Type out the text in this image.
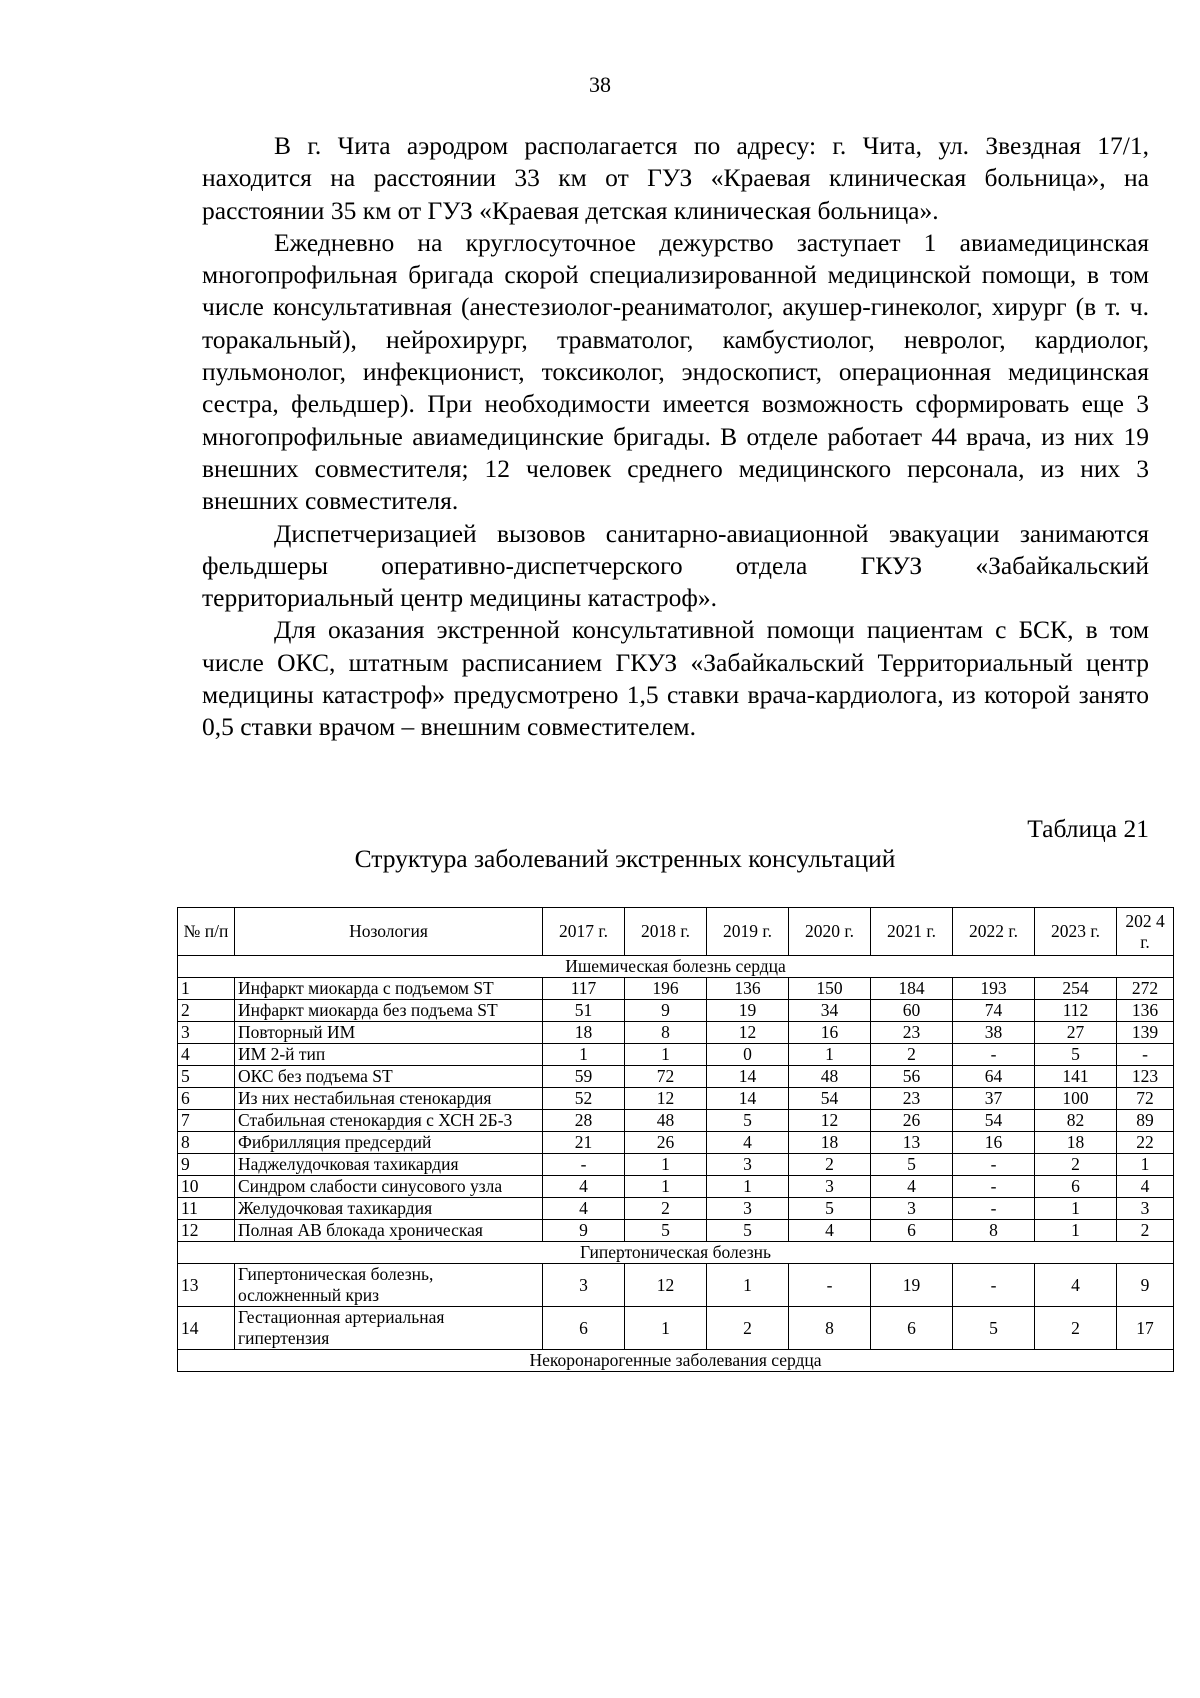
38

В г. Чита аэродром располагается по адресу: г. Чита, ул. Звездная 17/1, находится на расстоянии 33 км от ГУЗ «Краевая клиническая больница», на расстоянии 35 км от ГУЗ «Краевая детская клиническая больница».

Ежедневно на круглосуточное дежурство заступает 1 авиамедицинская многопрофильная бригада скорой специализированной медицинской помощи, в том числе консультативная (анестезиолог-реаниматолог, акушер-гинеколог, хирург (в т. ч. торакальный), нейрохирург, травматолог, камбустиолог, невролог, кардиолог, пульмонолог, инфекционист, токсиколог, эндоскопист, операционная медицинская сестра, фельдшер). При необходимости имеется возможность сформировать еще 3 многопрофильные авиамедицинские бригады. В отделе работает 44 врача, из них 19 внешних совместителя; 12 человек среднего медицинского персонала, из них 3 внешних совместителя.

Диспетчеризацией вызовов санитарно-авиационной эвакуации занимаются фельдшеры оперативно-диспетчерского отдела ГКУЗ «Забайкальский территориальный центр медицины катастроф».

Для оказания экстренной консультативной помощи пациентам с БСК, в том числе ОКС, штатным расписанием ГКУЗ «Забайкальский Территориальный центр медицины катастроф» предусмотрено 1,5 ставки врача-кардиолога, из которой занято 0,5 ставки врачом – внешним совместителем.

Таблица 21
Структура заболеваний экстренных консультаций
№ п/п	Нозология	2017 г.	2018 г.	2019 г.	2020 г.	2021 г.	2022 г.	2023 г.	202 4 г.
Ишемическая болезнь сердца									
1	Инфаркт миокарда с подъемом ST	117	196	136	150	184	193	254	272
2	Инфаркт миокарда без подъема ST	51	9	19	34	60	74	112	136
3	Повторный ИМ	18	8	12	16	23	38	27	139
4	ИМ 2-й тип	1	1	0	1	2	-	5	-
5	ОКС без подъема ST	59	72	14	48	56	64	141	123
6	Из них нестабильная стенокардия	52	12	14	54	23	37	100	72
7	Стабильная стенокардия с ХСН 2Б-3	28	48	5	12	26	54	82	89
8	Фибрилляция предсердий	21	26	4	18	13	16	18	22
9	Наджелудочковая тахикардия	-	1	3	2	5	-	2	1
10	Синдром слабости синусового узла	4	1	1	3	4	-	6	4
11	Желудочковая тахикардия	4	2	3	5	3	-	1	3
12	Полная АВ блокада хроническая	9	5	5	4	6	8	1	2
Гипертоническая болезнь									
13	Гипертоническая болезнь, осложненный криз	3	12	1	-	19	-	4	9
14	Гестационная артериальная гипертензия	6	1	2	8	6	5	2	17
Некоронарогенные заболевания сердца									
